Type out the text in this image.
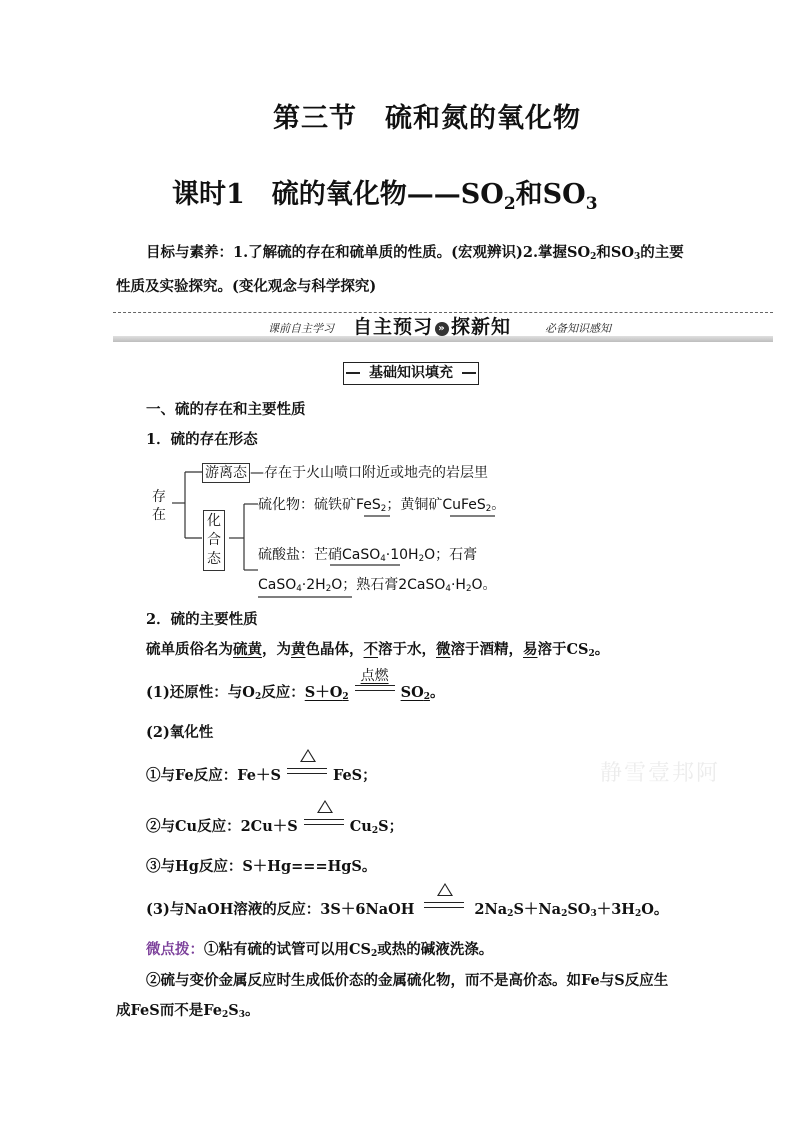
第三节　硫和氮的氧化物
课时1　硫的氧化物$——SO_2$和$SO_3$
目标与素养：1.了解硫的存在和硫单质的性质。(宏观辨识)2.掌握$SO_2$和$SO_3$的主要性质及实验探究。(变化观念与科学探究)
课前自主学习 自主预习 » 探新知	必备知识感知
基础知识填充
一、硫的存在和主要性质
1．硫的存在形态
存
在
游离态 —存在于火山喷口附近或地壳的岩层里
化
合
态
硫化物：硫铁矿FeS$_2$；黄铜矿CuFeS$_2$。
硫酸盐：芒硝$CaSO_4\cdot 10H_2O$；石膏
$CaSO_4\cdot 2H_2O$；熟石膏$2CaSO_4\cdot H_2O$。
2．硫的主要性质
硫单质俗名为硫黄，为黄色晶体，不溶于水，微溶于酒精，易溶于$CS_2$。
(1)还原性：与$O_2$反应：$S+O_2$
点燃
$SO_2$。
(2)氧化性
①与Fe反应：Fe＋S	FeS；
②与Cu反应：2Cu＋S	$Cu_2S$；
③与Hg反应：S＋Hg===HgS。
(3)与NaOH溶液的反应：3S＋6NaOH	$2Na_2S+Na_2SO_3+3H_2O$。
微点拨：①粘有硫的试管可以用$CS_2$或热的碱液洗涤。
②硫与变价金属反应时生成低价态的金属硫化物，而不是高价态。如Fe与S反应生成FeS而不是$Fe_2S_3$。
静雪壹邦阿
